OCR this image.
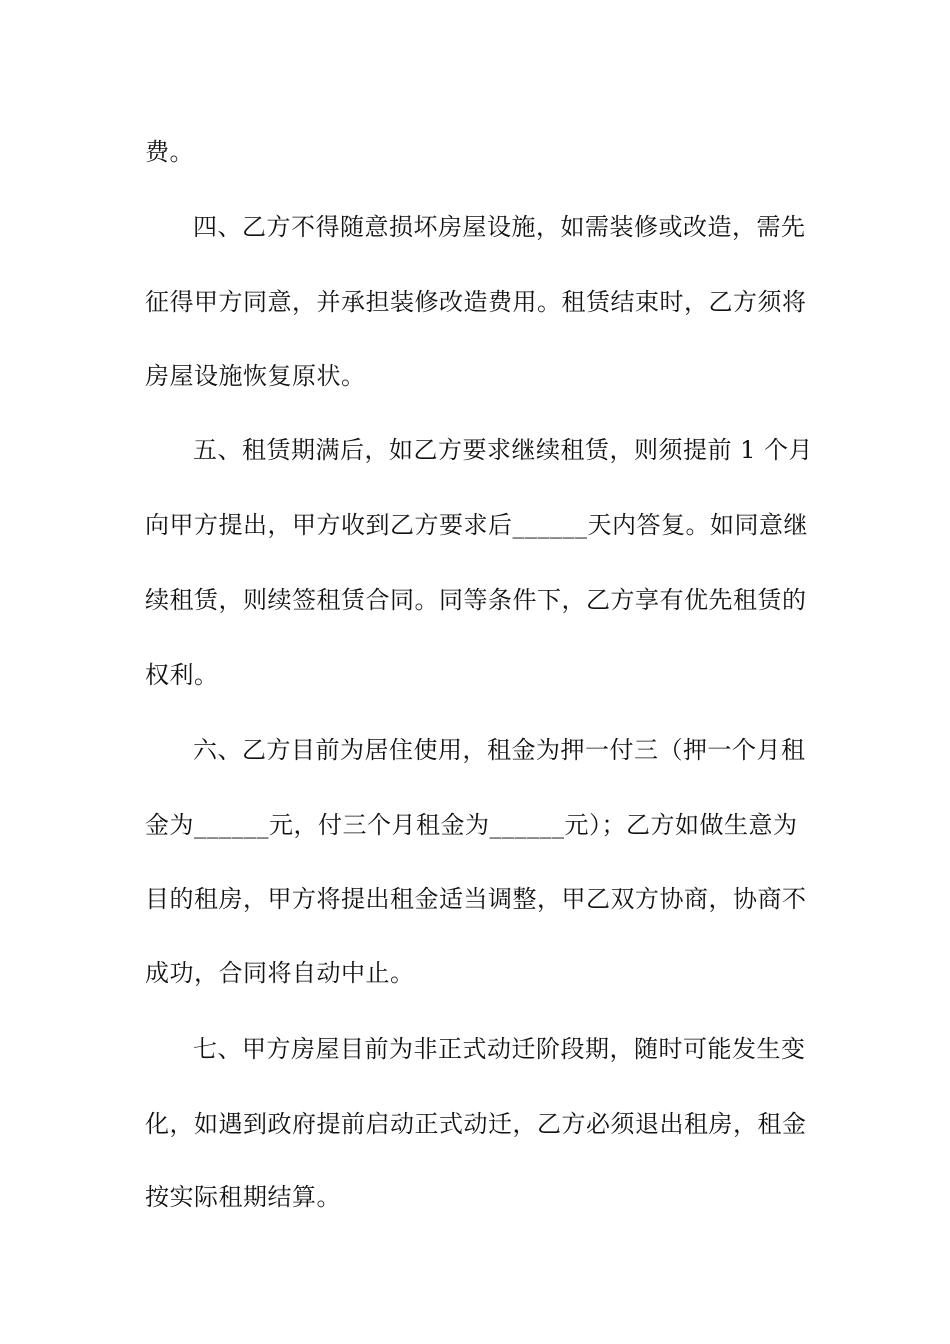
费。
四、乙方不得随意损坏房屋设施，如需装修或改造，需先
征得甲方同意，并承担装修改造费用。租赁结束时，乙方须将
房屋设施恢复原状。
五、租赁期满后，如乙方要求继续租赁，则须提前 1 个月
向甲方提出，甲方收到乙方要求后______天内答复。如同意继
续租赁，则续签租赁合同。同等条件下，乙方享有优先租赁的
权利。
六、乙方目前为居住使用，租金为押一付三（押一个月租
金为______元，付三个月租金为______元）；乙方如做生意为
目的租房，甲方将提出租金适当调整，甲乙双方协商，协商不
成功，合同将自动中止。
七、甲方房屋目前为非正式动迁阶段期，随时可能发生变
化，如遇到政府提前启动正式动迁，乙方必须退出租房，租金
按实际租期结算。
